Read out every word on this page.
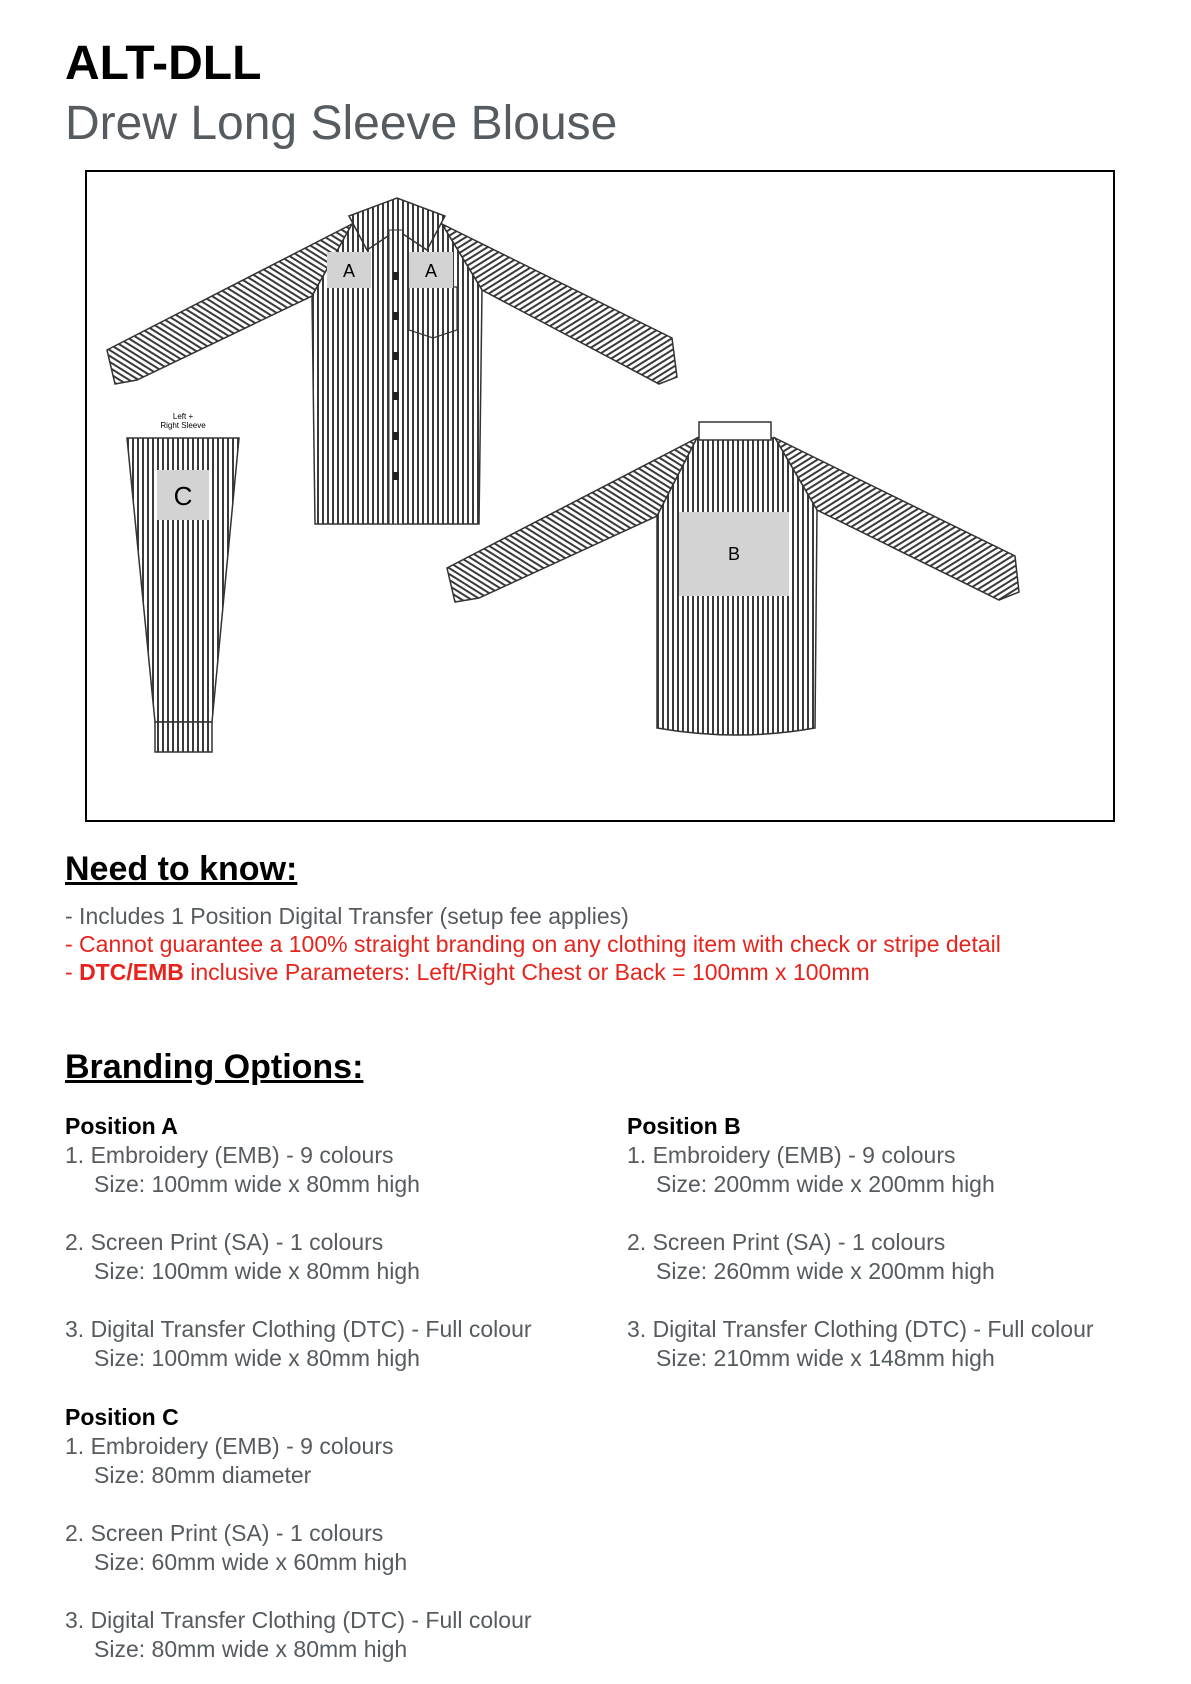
ALT-DLL
Drew Long Sleeve Blouse
A	A
Left +
Right Sleeve
C
B
Need to know:
- Includes 1 Position Digital Transfer (setup fee applies)
- Cannot guarantee a 100% straight branding on any clothing item with check or stripe detail
- DTC/EMB inclusive Parameters: Left/Right Chest or Back = 100mm x 100mm
Branding Options:
Position A
1. Embroidery (EMB) - 9 colours
Size: 100mm wide x 80mm high
2. Screen Print (SA) - 1 colours
Size: 100mm wide x 80mm high
3. Digital Transfer Clothing (DTC) - Full colour
Size: 100mm wide x 80mm high
Position B
1. Embroidery (EMB) - 9 colours
Size: 200mm wide x 200mm high
2. Screen Print (SA) - 1 colours
Size: 260mm wide x 200mm high
3. Digital Transfer Clothing (DTC) - Full colour
Size: 210mm wide x 148mm high
Position C
1. Embroidery (EMB) - 9 colours
Size: 80mm diameter
2. Screen Print (SA) - 1 colours
Size: 60mm wide x 60mm high
3. Digital Transfer Clothing (DTC) - Full colour
Size: 80mm wide x 80mm high
